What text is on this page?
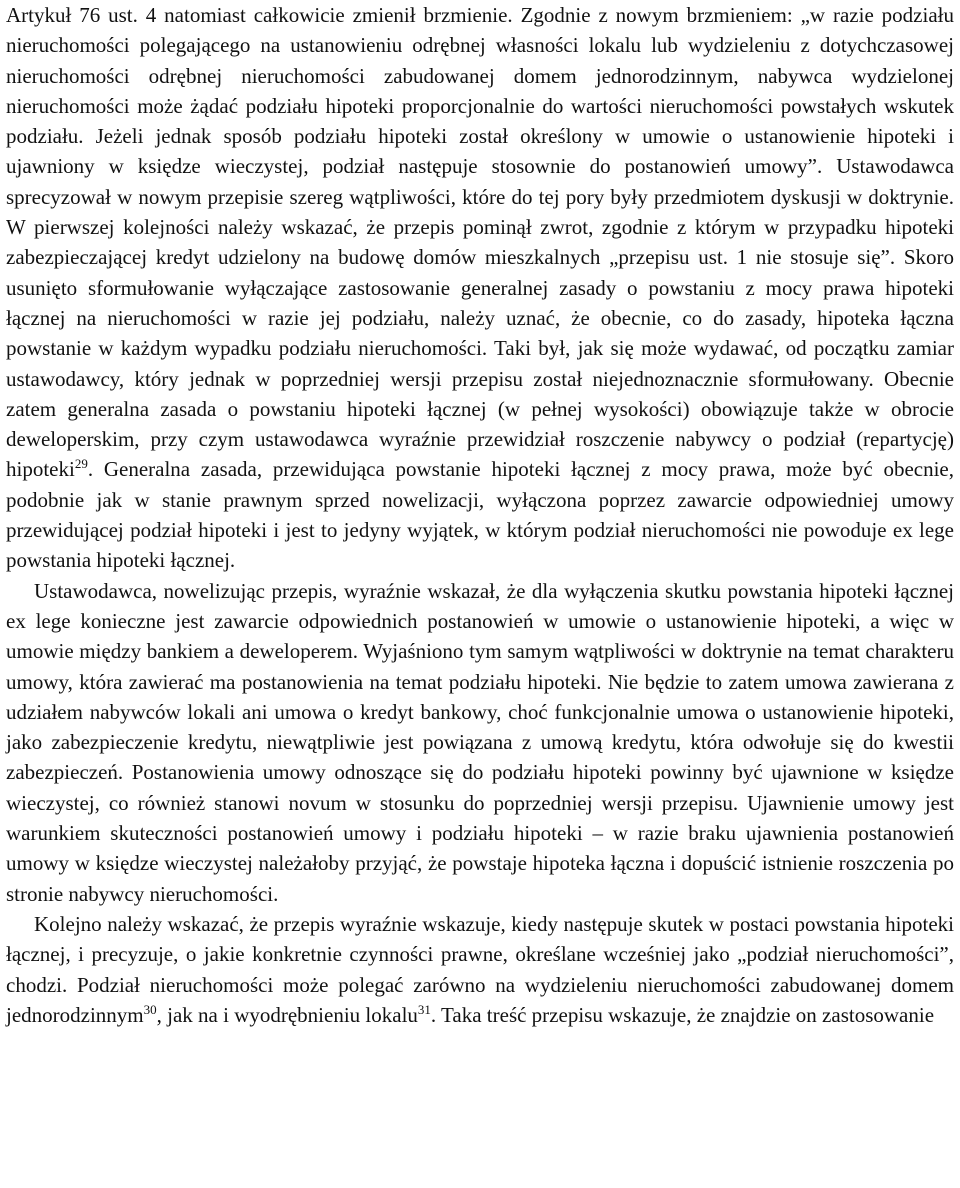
Artykuł 76 ust. 4 natomiast całkowicie zmienił brzmienie. Zgodnie z nowym brzmieniem: „w razie podziału nieruchomości polegającego na ustanowieniu odrębnej własności lokalu lub wydzieleniu z dotychczasowej nieruchomości odrębnej nieruchomości zabudowanej domem jednorodzinnym, nabywca wydzielonej nieruchomości może żądać podziału hipoteki proporcjonalnie do wartości nieruchomości powstałych wskutek podziału. Jeżeli jednak sposób podziału hipoteki został określony w umowie o ustanowienie hipoteki i ujawniony w księdze wieczystej, podział następuje stosownie do postanowień umowy”. Ustawodawca sprecyzował w nowym przepisie szereg wątpliwości, które do tej pory były przedmiotem dyskusji w doktrynie. W pierwszej kolejności należy wskazać, że przepis pominął zwrot, zgodnie z którym w przypadku hipoteki zabezpieczającej kredyt udzielony na budowę domów mieszkalnych „przepisu ust. 1 nie stosuje się”. Skoro usunięto sformułowanie wyłączające zastosowanie generalnej zasady o powstaniu z mocy prawa hipoteki łącznej na nieruchomości w razie jej podziału, należy uznać, że obecnie, co do zasady, hipoteka łączna powstanie w każdym wypadku podziału nieruchomości. Taki był, jak się może wydawać, od początku zamiar ustawodawcy, który jednak w poprzedniej wersji przepisu został niejednoznacznie sformułowany. Obecnie zatem generalna zasada o powstaniu hipoteki łącznej (w pełnej wysokości) obowiązuje także w obrocie deweloperskim, przy czym ustawodawca wyraźnie przewidział roszczenie nabywcy o podział (repartycję) hipoteki$^{29}$. Generalna zasada, przewidująca powstanie hipoteki łącznej z mocy prawa, może być obecnie, podobnie jak w stanie prawnym sprzed nowelizacji, wyłączona poprzez zawarcie odpowiedniej umowy przewidującej podział hipoteki i jest to jedyny wyjątek, w którym podział nieruchomości nie powoduje ex lege powstania hipoteki łącznej.

Ustawodawca, nowelizując przepis, wyraźnie wskazał, że dla wyłączenia skutku powstania hipoteki łącznej ex lege konieczne jest zawarcie odpowiednich postanowień w umowie o ustanowienie hipoteki, a więc w umowie między bankiem a deweloperem. Wyjaśniono tym samym wątpliwości w doktrynie na temat charakteru umowy, która zawierać ma postanowienia na temat podziału hipoteki. Nie będzie to zatem umowa zawierana z udziałem nabywców lokali ani umowa o kredyt bankowy, choć funkcjonalnie umowa o ustanowienie hipoteki, jako zabezpieczenie kredytu, niewątpliwie jest powiązana z umową kredytu, która odwołuje się do kwestii zabezpieczeń. Postanowienia umowy odnoszące się do podziału hipoteki powinny być ujawnione w księdze wieczystej, co również stanowi novum w stosunku do poprzedniej wersji przepisu. Ujawnienie umowy jest warunkiem skuteczności postanowień umowy i podziału hipoteki – w razie braku ujawnienia postanowień umowy w księdze wieczystej należałoby przyjąć, że powstaje hipoteka łączna i dopuścić istnienie roszczenia po stronie nabywcy nieruchomości.

Kolejno należy wskazać, że przepis wyraźnie wskazuje, kiedy następuje skutek w postaci powstania hipoteki łącznej, i precyzuje, o jakie konkretnie czynności prawne, określane wcześniej jako „podział nieruchomości”, chodzi. Podział nieruchomości może polegać zarówno na wydzieleniu nieruchomości zabudowanej domem jednorodzinnym$^{30}$, jak na i wyodrębnieniu lokalu$^{31}$. Taka treść przepisu wskazuje, że znajdzie on zastosowanie
